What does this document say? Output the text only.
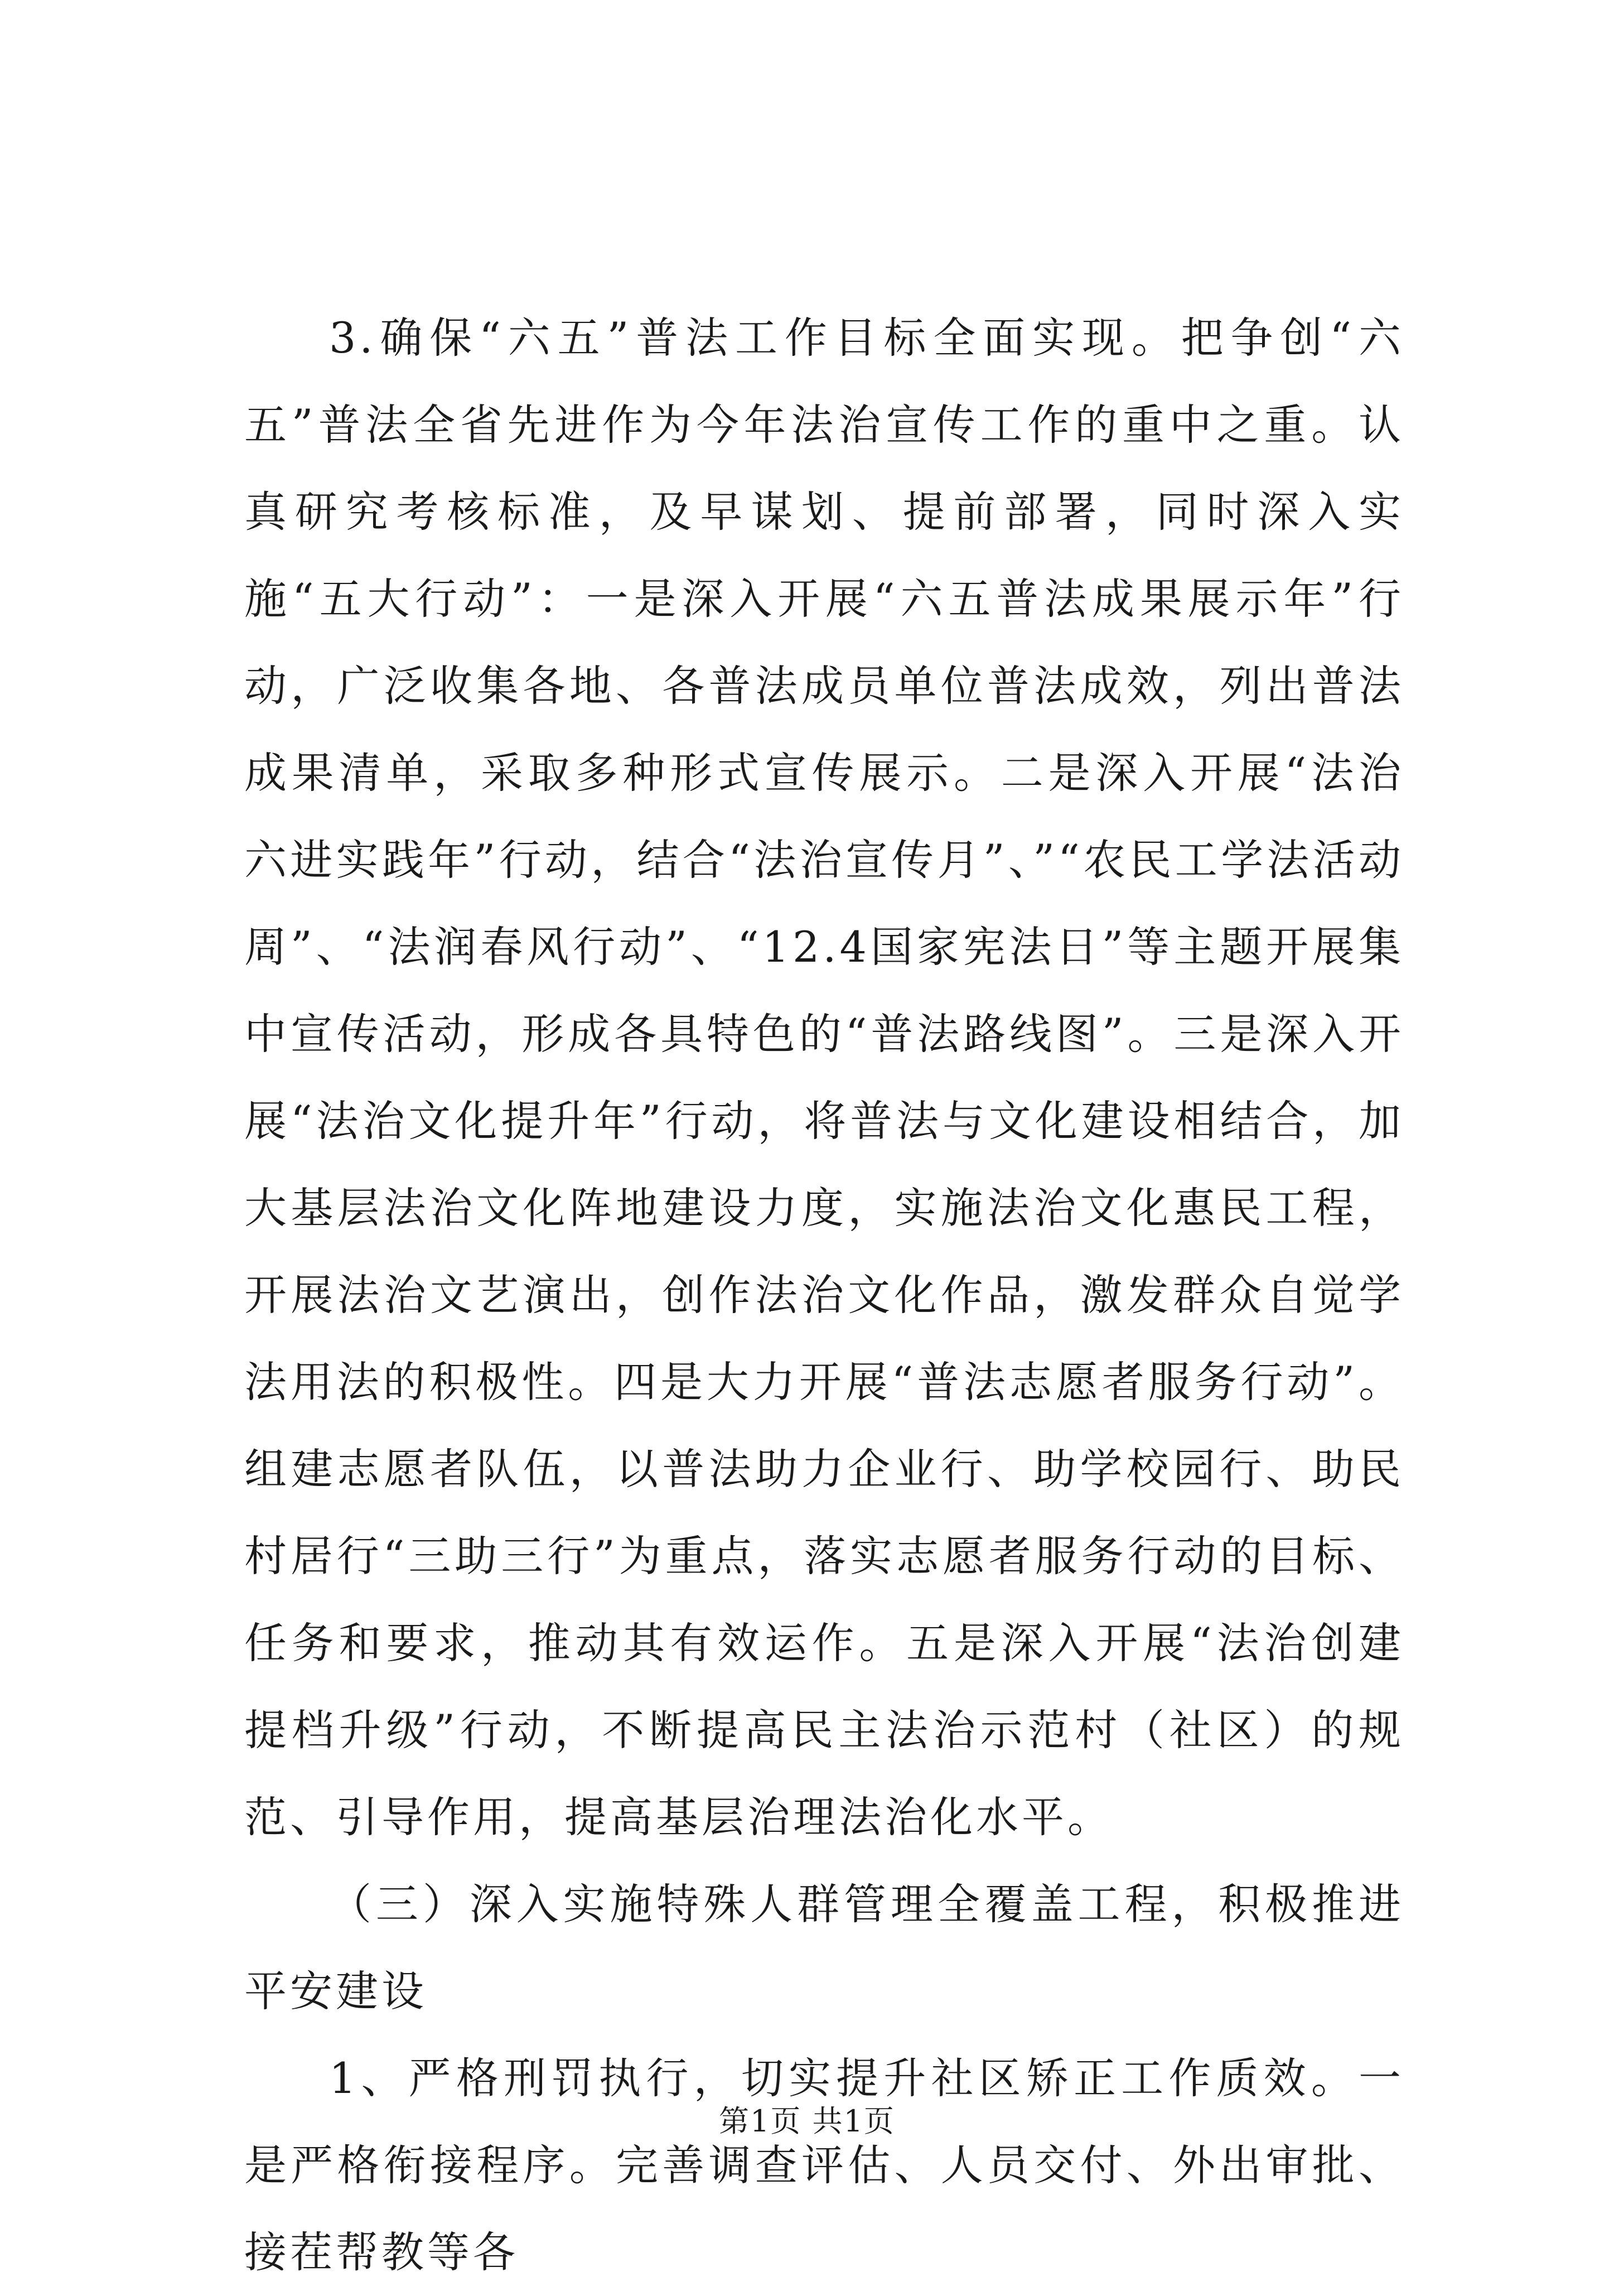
3.确保“六五”普法工作目标全面实现。把争创“六五”普法全省先进作为今年法治宣传工作的重中之重。认真研究考核标准，及早谋划、提前部署，同时深入实施“五大行动”：一是深入开展“六五普法成果展示年”行动，广泛收集各地、各普法成员单位普法成效，列出普法成果清单，采取多种形式宣传展示。二是深入开展“法治六进实践年”行动，结合“法治宣传月”、”“农民工学法活动周”、“法润春风行动”、“12.4国家宪法日”等主题开展集中宣传活动，形成各具特色的“普法路线图”。三是深入开展“法治文化提升年”行动，将普法与文化建设相结合，加大基层法治文化阵地建设力度，实施法治文化惠民工程，开展法治文艺演出，创作法治文化作品，激发群众自觉学法用法的积极性。四是大力开展“普法志愿者服务行动”。组建志愿者队伍，以普法助力企业行、助学校园行、助民村居行“三助三行”为重点，落实志愿者服务行动的目标、任务和要求，推动其有效运作。五是深入开展“法治创建提档升级”行动，不断提高民主法治示范村（社区）的规范、引导作用，提高基层治理法治化水平。

（三）深入实施特殊人群管理全覆盖工程，积极推进平安建设

1、严格刑罚执行，切实提升社区矫正工作质效。一是严格衔接程序。完善调查评估、人员交付、外出审批、接茬帮教等各

第1页 共1页
